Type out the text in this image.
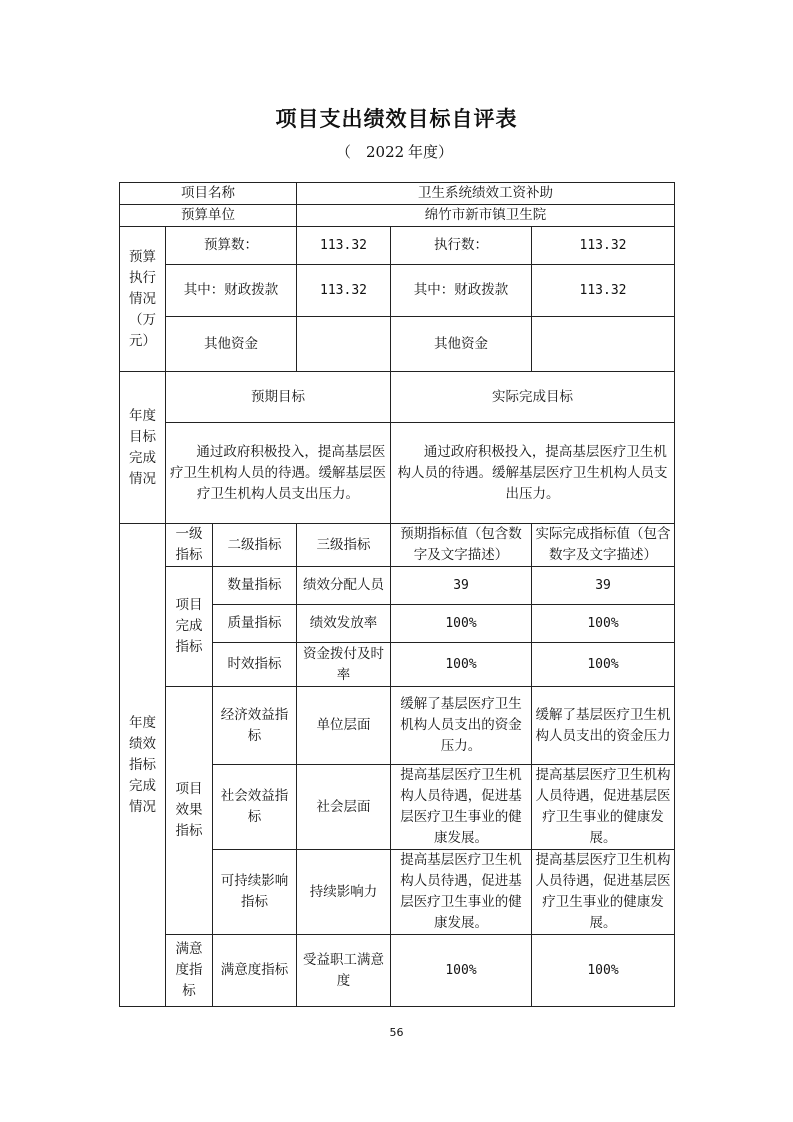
项目支出绩效目标自评表
（ 2022 年度）
项目名称			卫生系统绩效工资补助		
预算单位			绵竹市新市镇卫生院		
预算执行情况（万元）	预算数：		113.32	执行数：	113.32
	其中：财政拨款		113.32	其中：财政拨款	113.32
	其他资金			其他资金	
年度目标完成情况	预期目标			实际完成目标	
	通过政府积极投入，提高基层医疗卫生机构人员的待遇。缓解基层医疗卫生机构人员支出压力。			通过政府积极投入，提高基层医疗卫生机构人员的待遇。缓解基层医疗卫生机构人员支出压力。	
年度绩效指标完成情况	一级指标	二级指标	三级指标	预期指标值（包含数字及文字描述）	实际完成指标值（包含数字及文字描述）
	项目完成指标	数量指标	绩效分配人员	39	39
		质量指标	绩效发放率	100%	100%
		时效指标	资金拨付及时率	100%	100%
	项目效果指标	经济效益指标	单位层面	缓解了基层医疗卫生机构人员支出的资金压力。	缓解了基层医疗卫生机构人员支出的资金压力
		社会效益指标	社会层面	提高基层医疗卫生机构人员待遇，促进基层医疗卫生事业的健康发展。	提高基层医疗卫生机构人员待遇，促进基层医疗卫生事业的健康发展。
		可持续影响指标	持续影响力	提高基层医疗卫生机构人员待遇，促进基层医疗卫生事业的健康发展。	提高基层医疗卫生机构人员待遇，促进基层医疗卫生事业的健康发展。
	满意度指标	满意度指标	受益职工满意度	100%	100%
56
